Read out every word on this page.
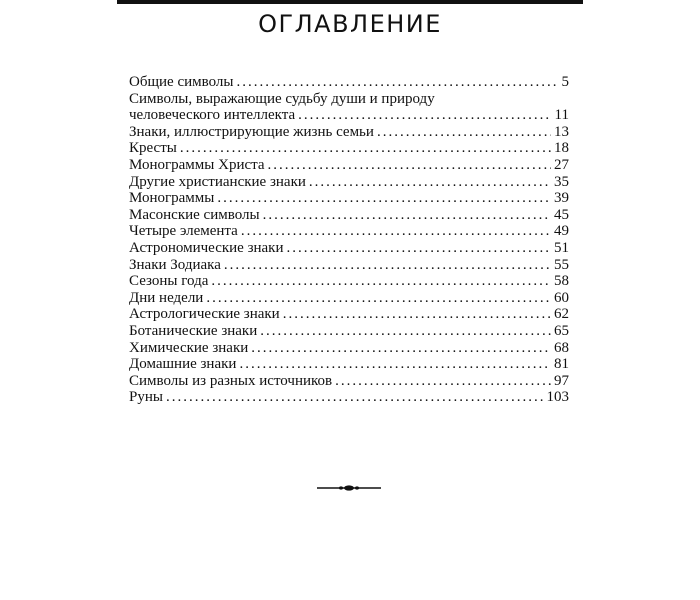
ОГЛАВЛЕНИЕ
Общие символы .....	5
Символы, выражающие судьбу души и природу
человеческого интеллекта .....	11
Знаки, иллюстрирующие жизнь семьи .....	13
Кресты .....	18
Монограммы Христа .....	27
Другие христианские знаки .....	35
Монограммы .....	39
Масонские символы .....	45
Четыре элемента .....	49
Астрономические знаки .....	51
Знаки Зодиака .....	55
Сезоны года .....	58
Дни недели .....	60
Астрологические знаки .....	62
Ботанические знаки .....	65
Химические знаки .....	68
Домашние знаки .....	81
Символы из разных источников .....	97
Руны .....	103
